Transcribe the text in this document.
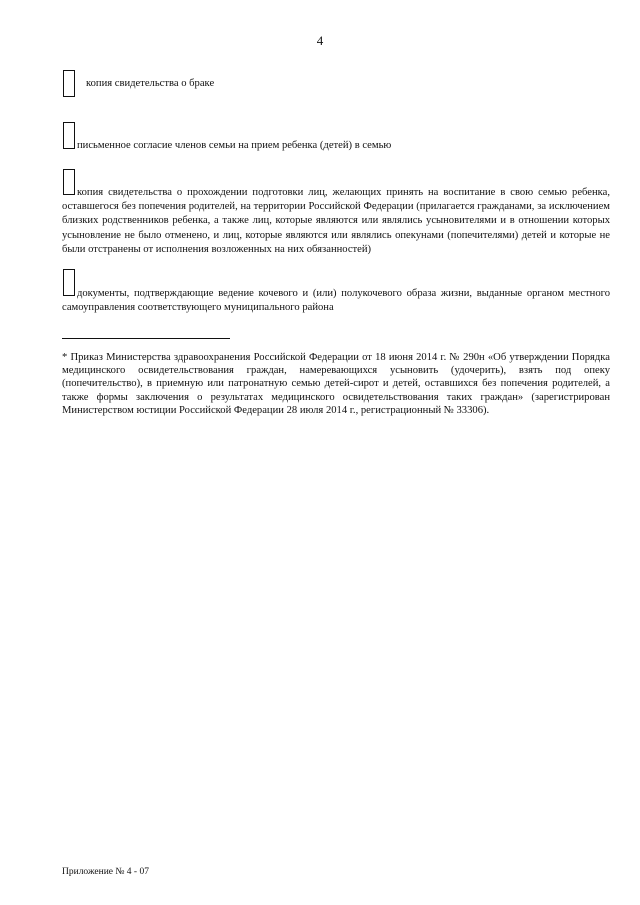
4
копия свидетельства о браке
письменное согласие членов семьи на прием ребенка (детей) в семью
копия свидетельства о прохождении подготовки лиц, желающих принять на воспитание в свою семью ребенка, оставшегося без попечения родителей, на территории Российской Федерации (прилагается гражданами, за исключением близких родственников ребенка, а также лиц, которые являются или являлись усыновителями и в отношении которых усыновление не было отменено, и лиц, которые являются или являлись опекунами (попечителями) детей и которые не были отстранены от исполнения возложенных на них обязанностей)
документы, подтверждающие ведение кочевого и (или) полукочевого образа жизни, выданные органом местного самоуправления соответствующего муниципального района
* Приказ Министерства здравоохранения Российской Федерации от 18 июня 2014 г. № 290н «Об утверждении Порядка медицинского освидетельствования граждан, намеревающихся усыновить (удочерить), взять под опеку (попечительство), в приемную или патронатную семью детей-сирот и детей, оставшихся без попечения родителей, а также формы заключения о результатах медицинского освидетельствования таких граждан» (зарегистрирован Министерством юстиции Российской Федерации 28 июля 2014 г., регистрационный № 33306).
Приложение № 4 - 07
